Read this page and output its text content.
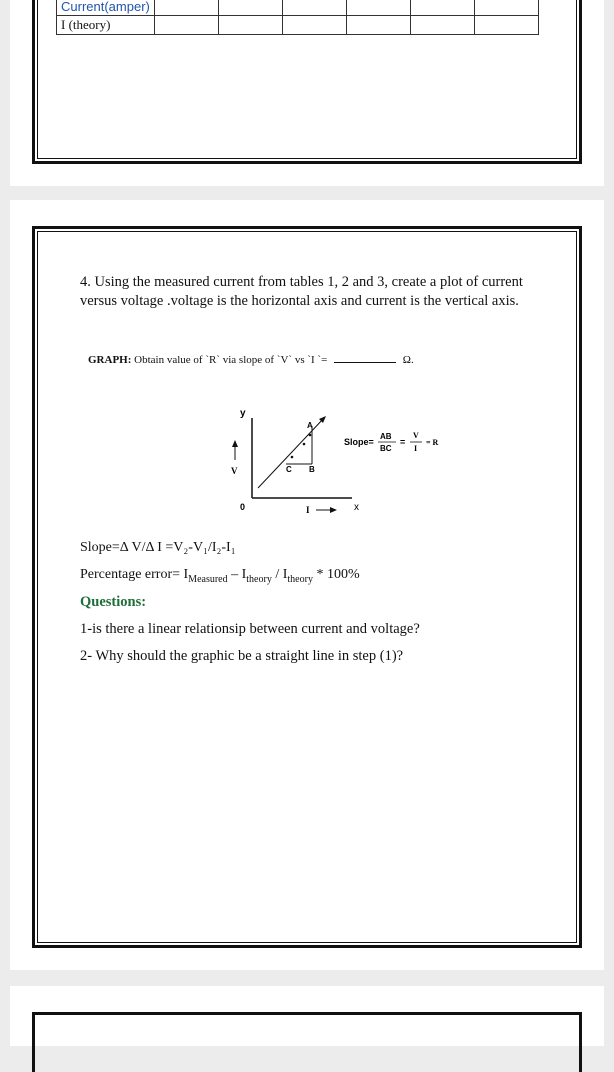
Current(amper)						
I (theory)						

4. Using the measured current from tables 1, 2 and 3, create a plot of current versus voltage .voltage is the horizontal axis and current is the vertical axis.

GRAPH: Obtain value of `R` via slope of `V` vs `I `=	Ω.
y
x
0
V
I
A
B
C
Slope=
AB
BC
=
V
I
= R
Slope=Δ V/Δ I =V₂-V₁/I₂-I₁
Percentage error= $I_{Measured} - I_{theory} / I_{theory} * 100\%$
Questions:
1-is there a linear relationsip between current and voltage?
2- Why should the graphic be a straight line in step (1)?
